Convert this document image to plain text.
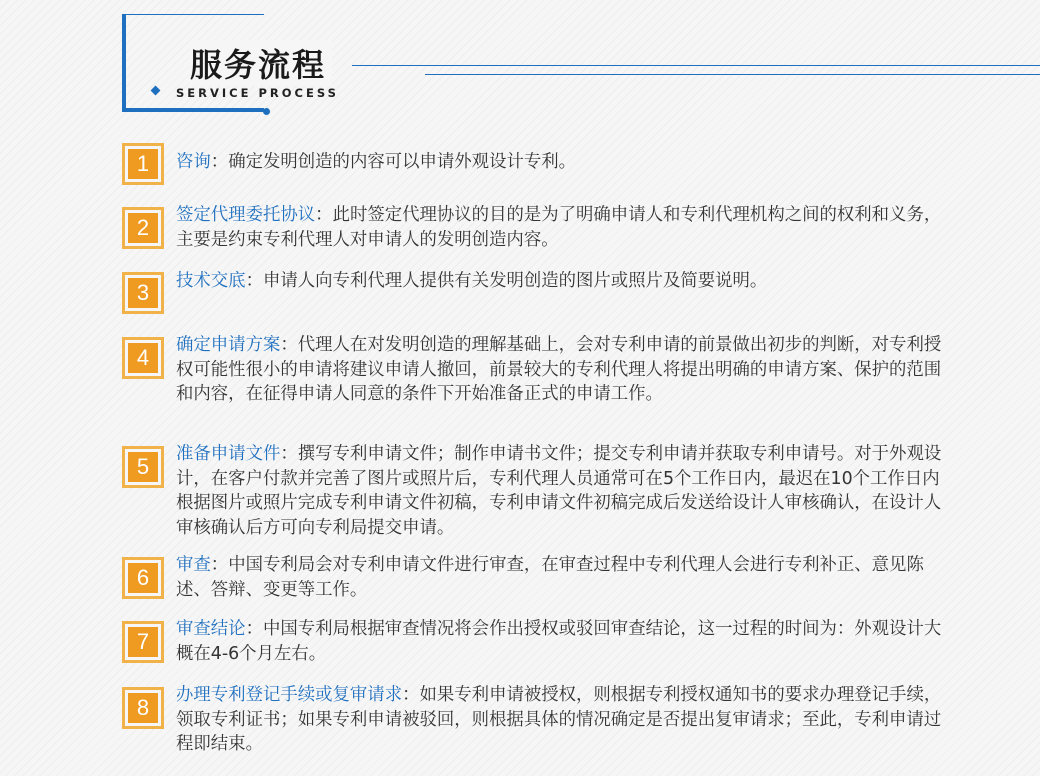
服务流程
SERVICE PROCESS
1	咨询：确定发明创造的内容可以申请外观设计专利。
2	签定代理委托协议：此时签定代理协议的目的是为了明确申请人和专利代理机构之间的权利和义务，主要是约束专利代理人对申请人的发明创造内容。
3	技术交底：申请人向专利代理人提供有关发明创造的图片或照片及简要说明。
4	确定申请方案：代理人在对发明创造的理解基础上，会对专利申请的前景做出初步的判断，对专利授权可能性很小的申请将建议申请人撤回，前景较大的专利代理人将提出明确的申请方案、保护的范围和内容，在征得申请人同意的条件下开始准备正式的申请工作。
5	准备申请文件：撰写专利申请文件；制作申请书文件；提交专利申请并获取专利申请号。对于外观设计，在客户付款并完善了图片或照片后，专利代理人员通常可在5个工作日内，最迟在10个工作日内根据图片或照片完成专利申请文件初稿，专利申请文件初稿完成后发送给设计人审核确认，在设计人审核确认后方可向专利局提交申请。
6	审查：中国专利局会对专利申请文件进行审查，在审查过程中专利代理人会进行专利补正、意见陈述、答辩、变更等工作。
7	审查结论：中国专利局根据审查情况将会作出授权或驳回审查结论，这一过程的时间为：外观设计大概在4-6个月左右。
8	办理专利登记手续或复审请求：如果专利申请被授权，则根据专利授权通知书的要求办理登记手续，领取专利证书；如果专利申请被驳回，则根据具体的情况确定是否提出复审请求；至此，专利申请过程即结束。
